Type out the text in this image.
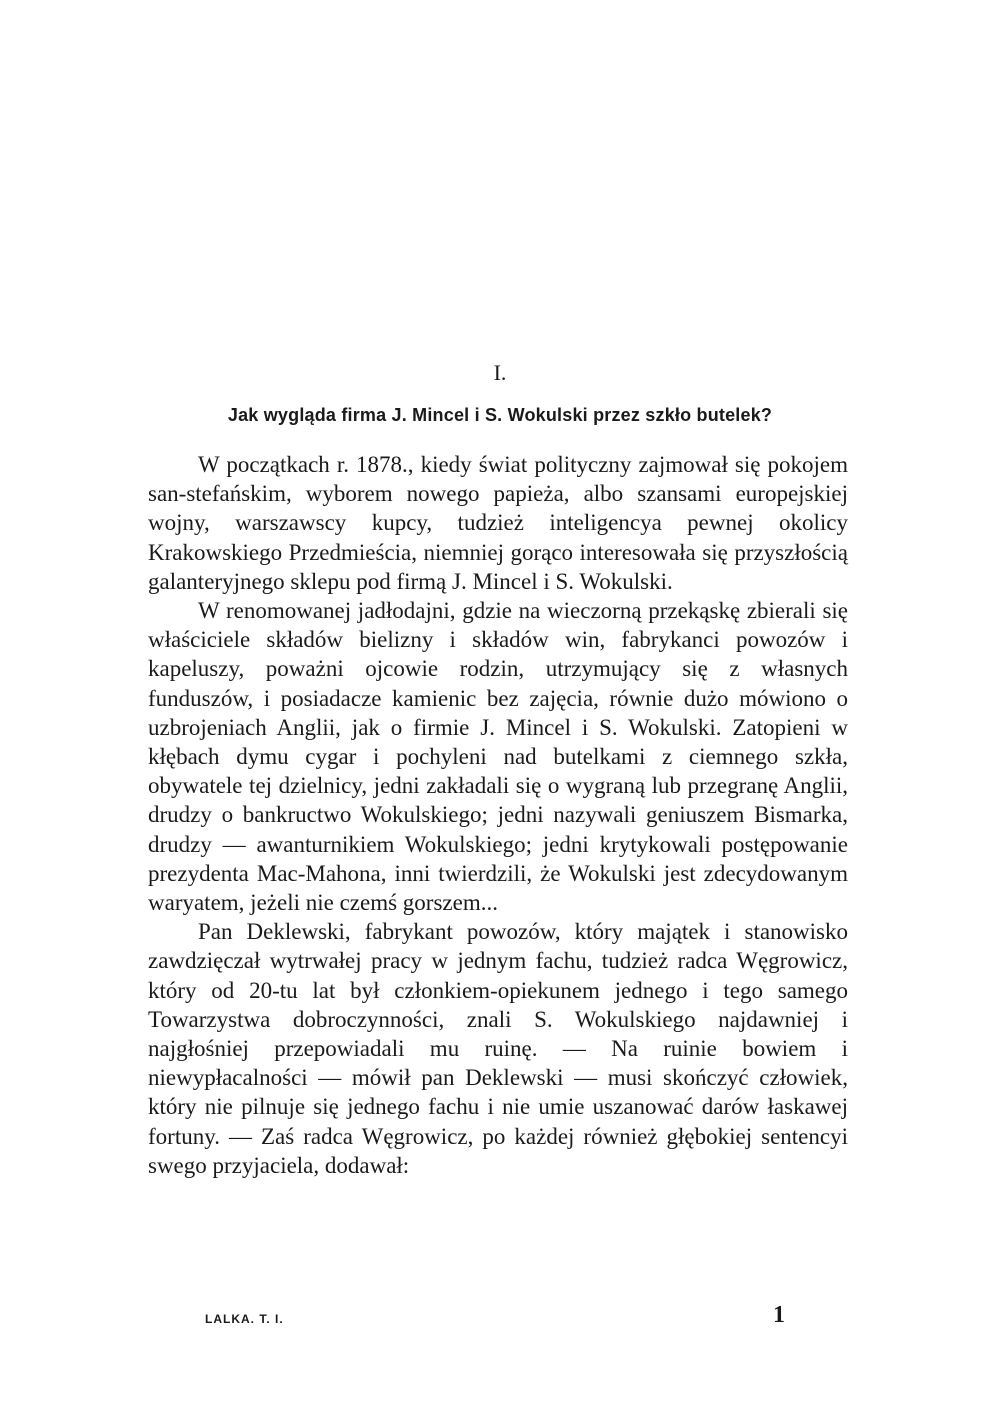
I.
Jak wygląda firma J. Mincel i S. Wokulski przez szkło butelek?

W początkach r. 1878., kiedy świat polityczny zajmował się pokojem san-stefańskim, wyborem nowego papieża, albo szansami europejskiej wojny, warszawscy kupcy, tudzież inteligencya pewnej okolicy Krakowskiego Przedmieścia, niemniej gorąco interesowała się przyszłością galanteryjnego sklepu pod firmą J. Mincel i S. Wokulski.

W renomowanej jadłodajni, gdzie na wieczorną przekąskę zbierali się właściciele składów bielizny i składów win, fabrykanci powozów i kapeluszy, poważni ojcowie rodzin, utrzymujący się z własnych funduszów, i posiadacze kamienic bez zajęcia, równie dużo mówiono o uzbrojeniach Anglii, jak o firmie J. Mincel i S. Wokulski. Zatopieni w kłębach dymu cygar i pochyleni nad butelkami z ciemnego szkła, obywatele tej dzielnicy, jedni zakładali się o wygraną lub przegranę Anglii, drudzy o bankructwo Wokulskiego; jedni nazywali geniuszem Bismarka, drudzy — awanturnikiem Wokulskiego; jedni krytykowali postępowanie prezydenta Mac-Mahona, inni twierdzili, że Wokulski jest zdecydowanym waryatem, jeżeli nie czemś gorszem...

Pan Deklewski, fabrykant powozów, który majątek i stanowisko zawdzięczał wytrwałej pracy w jednym fachu, tudzież radca Węgrowicz, który od 20-tu lat był członkiem-opiekunem jednego i tego samego Towarzystwa dobroczynności, znali S. Wokulskiego najdawniej i najgłośniej przepowiadali mu ruinę. — Na ruinie bowiem i niewypłacalności — mówił pan Deklewski — musi skończyć człowiek, który nie pilnuje się jednego fachu i nie umie uszanować darów łaskawej fortuny. — Zaś radca Węgrowicz, po każdej również głębokiej sentencyi swego przyjaciela, dodawał:

LALKA. T. I.	1
